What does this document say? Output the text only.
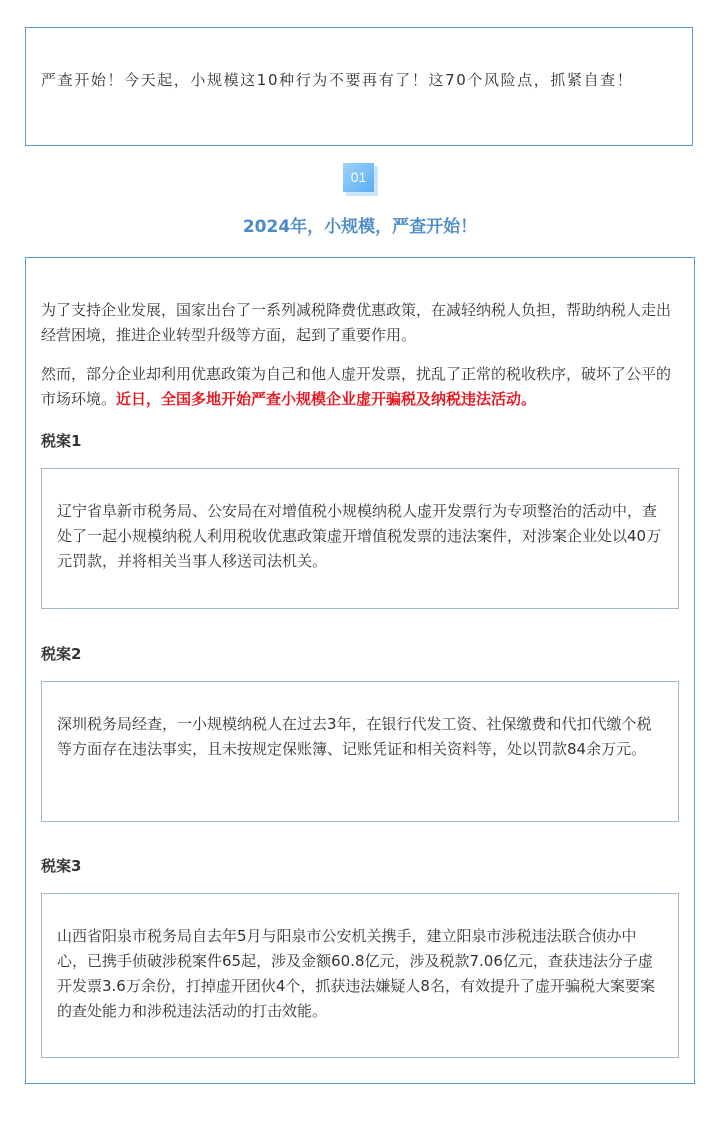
严查开始！今天起，小规模这10种行为不要再有了！这70个风险点，抓紧自查！

01
2024年，小规模，严查开始！

为了支持企业发展，国家出台了一系列减税降费优惠政策，在减轻纳税人负担，帮助纳税人走出经营困境，推进企业转型升级等方面，起到了重要作用。

然而，部分企业却利用优惠政策为自己和他人虚开发票，扰乱了正常的税收秩序，破坏了公平的市场环境。近日，全国多地开始严查小规模企业虚开骗税及纳税违法活动。

税案1

辽宁省阜新市税务局、公安局在对增值税小规模纳税人虚开发票行为专项整治的活动中，查处了一起小规模纳税人利用税收优惠政策虚开增值税发票的违法案件，对涉案企业处以40万元罚款，并将相关当事人移送司法机关。

税案2

深圳税务局经查，一小规模纳税人在过去3年，在银行代发工资、社保缴费和代扣代缴个税等方面存在违法事实，且未按规定保账簿、记账凭证和相关资料等，处以罚款84余万元。

税案3

山西省阳泉市税务局自去年5月与阳泉市公安机关携手，建立阳泉市涉税违法联合侦办中心，已携手侦破涉税案件65起，涉及金额60.8亿元，涉及税款7.06亿元，查获违法分子虚开发票3.6万余份，打掉虚开团伙4个，抓获违法嫌疑人8名，有效提升了虚开骗税大案要案的查处能力和涉税违法活动的打击效能。
